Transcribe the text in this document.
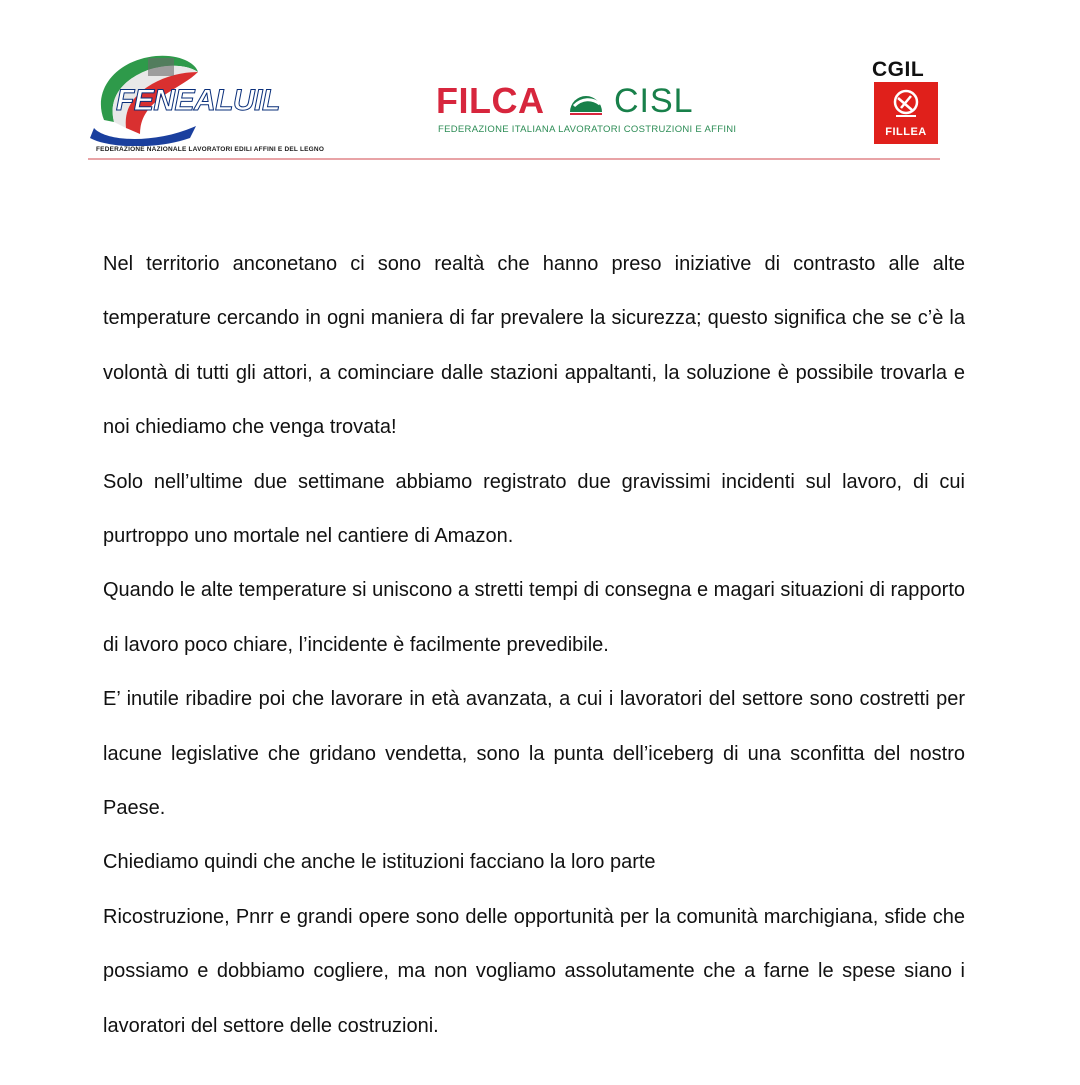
FENEALUIL
FEDERAZIONE NAZIONALE LAVORATORI EDILI AFFINI E DEL LEGNO
FILCA CISL
FEDERAZIONE ITALIANA LAVORATORI COSTRUZIONI E AFFINI
CGIL
FILLEA

Nel territorio anconetano ci sono realtà che hanno preso iniziative di contrasto alle alte temperature cercando in ogni maniera di far prevalere la sicurezza; questo significa che se c’è la volontà di tutti gli attori, a cominciare dalle stazioni appaltanti, la soluzione è possibile trovarla e noi chiediamo che venga trovata!

Solo nell’ultime due settimane abbiamo registrato due gravissimi incidenti sul lavoro, di cui purtroppo uno mortale nel cantiere di Amazon.

Quando le alte temperature si uniscono a stretti tempi di consegna e magari situazioni di rapporto di lavoro poco chiare, l’incidente è facilmente prevedibile.

E’ inutile ribadire poi che lavorare in età avanzata, a cui i lavoratori del settore sono costretti per lacune legislative che gridano vendetta, sono la punta dell’iceberg di una sconfitta del nostro Paese.

Chiediamo quindi che anche le istituzioni facciano la loro parte

Ricostruzione, Pnrr e grandi opere sono delle opportunità per la comunità marchigiana, sfide che possiamo e dobbiamo cogliere, ma non vogliamo assolutamente che a farne le spese siano i lavoratori del settore delle costruzioni.
